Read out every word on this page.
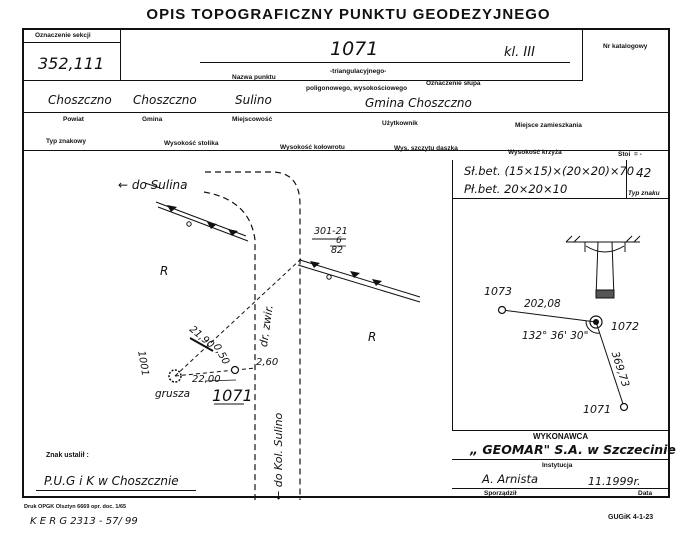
OPIS TOPOGRAFICZNY PUNKTU GEODEZYJNEGO
Oznaczenie sekcji
352,111
1071	kl. III	Nr katalogowy
Nazwa punktu
-triangulacyjnego-
poligonowego, wysokościowego
Oznaczenie słupa
Choszczno Choszczno	Sulino	Gmina Choszczno
Powiat	Gmina	Miejscowość
Użytkownik	Miejsce zamieszkania
Typ znakowy	Wysokość stolika
Wysokość kołowrotu	Wys. szczytu daszka
Wysokość krzyża	Stoi = -
Sł.bet. (15×15)×(20×20)×70
Pł.bet. 20×20×10
42
Typ znaku
← do Sulina
R
R
dr. zwir.
← do Kol. Sulino
grusza
1001
1071
21,90
0,50 2,60
22,00
301-21
6
82
1073
1072
1071
202,08
132° 36' 30"
369,73
Znak ustalił :
P.U.G i K w Choszcznie
WYKONAWCA
„ GEOMAR" S.A. w Szczecinie
Instytucja
A. Arnista	11.1999r.
Sporządził	Data
Druk OPGK Olsztyn 6669 opr. doc. 1/65
K E R G 2313 - 57/ 99	GUGiK 4-1-23
